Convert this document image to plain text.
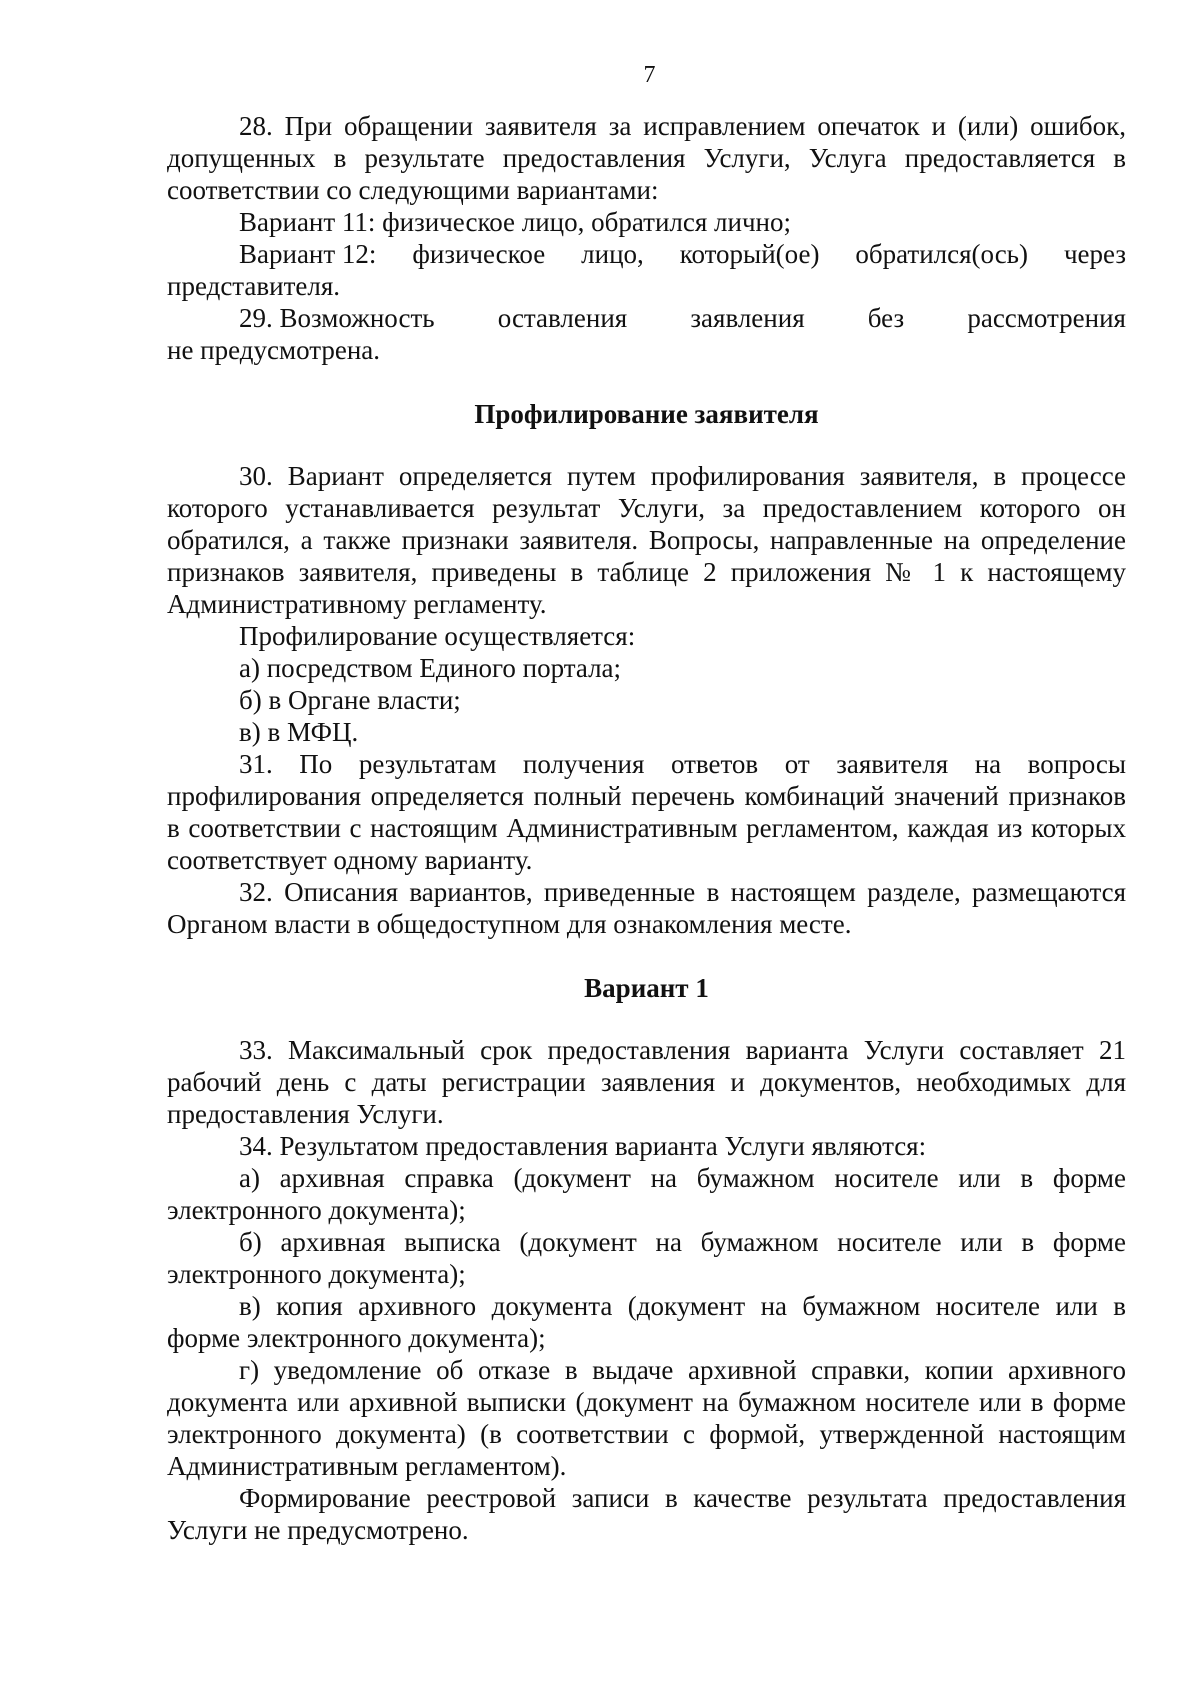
7

28. При обращении заявителя за исправлением опечаток и (или) ошибок, допущенных в результате предоставления Услуги, Услуга предоставляется в соответствии со следующими вариантами:

Вариант 11: физическое лицо, обратился лично;

Вариант 12: физическое лицо, который(ое) обратился(ось) через

представителя.

29. Возможность оставления заявления без рассмотрения

не предусмотрена.

Профилирование заявителя

30. Вариант определяется путем профилирования заявителя, в процессе которого устанавливается результат Услуги, за предоставлением которого он обратился, а также признаки заявителя. Вопросы, направленные на определение признаков заявителя, приведены в таблице 2 приложения № 1 к настоящему Административному регламенту.

Профилирование осуществляется:

а) посредством Единого портала;

б) в Органе власти;

в) в МФЦ.

31. По результатам получения ответов от заявителя на вопросы профилирования определяется полный перечень комбинаций значений признаков в соответствии с настоящим Административным регламентом, каждая из которых соответствует одному варианту.

32. Описания вариантов, приведенные в настоящем разделе, размещаются Органом власти в общедоступном для ознакомления месте.

Вариант 1

33. Максимальный срок предоставления варианта Услуги составляет 21 рабочий день с даты регистрации заявления и документов, необходимых для предоставления Услуги.

34. Результатом предоставления варианта Услуги являются:

а) архивная справка (документ на бумажном носителе или в форме электронного документа);

б) архивная выписка (документ на бумажном носителе или в форме электронного документа);

в) копия архивного документа (документ на бумажном носителе или в форме электронного документа);

г) уведомление об отказе в выдаче архивной справки, копии архивного документа или архивной выписки (документ на бумажном носителе или в форме электронного документа) (в соответствии с формой, утвержденной настоящим Административным регламентом).

Формирование реестровой записи в качестве результата предоставления Услуги не предусмотрено.
